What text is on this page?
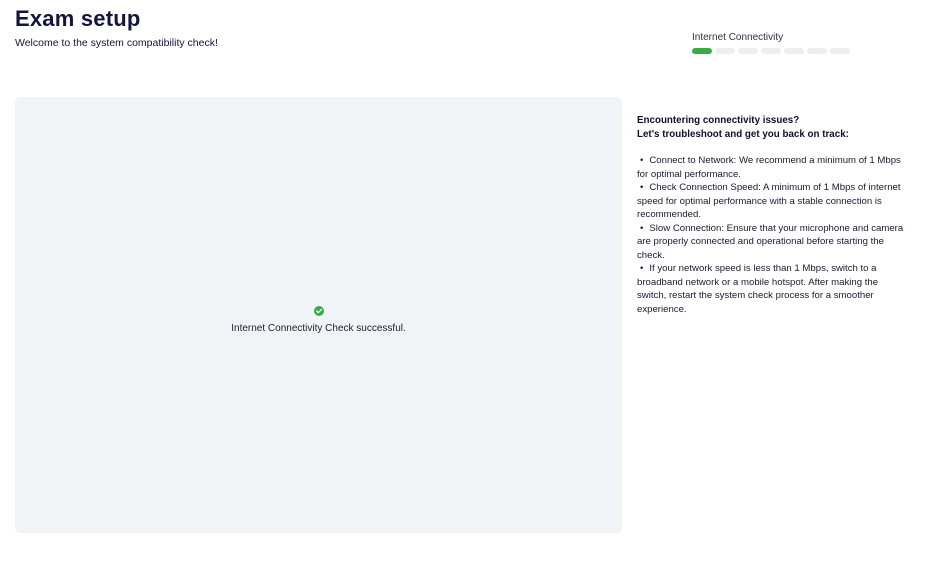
Exam setup
Welcome to the system compatibility check!	Internet Connectivity
Internet Connectivity Check successful.

Encountering connectivity issues?
Let's troubleshoot and get you back on track:

• Connect to Network: We recommend a minimum of 1 Mbps for optimal performance.
• Check Connection Speed: A minimum of 1 Mbps of internet speed for optimal performance with a stable connection is recommended.
• Slow Connection: Ensure that your microphone and camera are properly connected and operational before starting the check.
• If your network speed is less than 1 Mbps, switch to a broadband network or a mobile hotspot. After making the switch, restart the system check process for a smoother experience.
